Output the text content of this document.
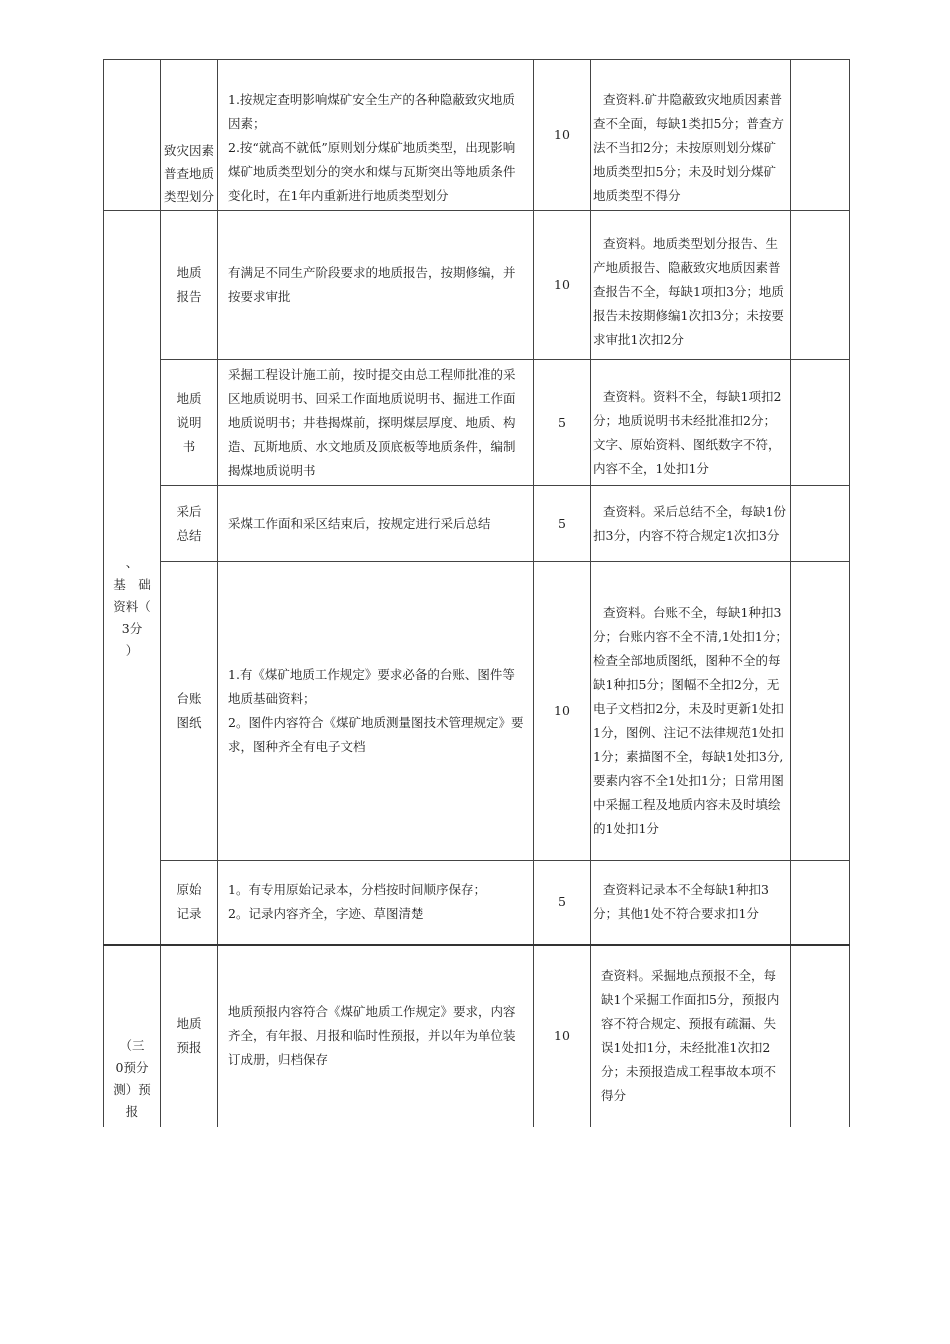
	致灾因素普查地质类型划分	1.按规定查明影响煤矿安全生产的各种隐蔽致灾地质因素；
2.按“就高不就低”原则划分煤矿地质类型，出现影响煤矿地质类型划分的突水和煤与瓦斯突出等地质条件变化时，在1年内重新进行地质类型划分	10	查资料.矿井隐蔽致灾地质因素普查不全面，每缺1类扣5分；普查方法不当扣2分；未按原则划分煤矿地质类型扣5分；未及时划分煤矿地质类型不得分	

、
基　础
资料（
3分
）	地质报告	有满足不同生产阶段要求的地质报告，按期修编，并按要求审批	10	查资料。地质类型划分报告、生产地质报告、隐蔽致灾地质因素普查报告不全，每缺1项扣3分；地质报告未按期修编1次扣3分；未按要求审批1次扣2分	

	地质说明书	采掘工程设计施工前，按时提交由总工程师批准的采区地质说明书、回采工作面地质说明书、掘进工作面地质说明书；井巷揭煤前，探明煤层厚度、地质、构造、瓦斯地质、水文地质及顶底板等地质条件，编制揭煤地质说明书	5	查资料。资料不全，每缺1项扣2分；地质说明书未经批准扣2分；文字、原始资料、图纸数字不符，内容不全，1处扣1分	

	采后总结	采煤工作面和采区结束后，按规定进行采后总结	5	查资料。采后总结不全，每缺1份扣3分，内容不符合规定1次扣3分	

	台账图纸	1.有《煤矿地质工作规定》要求必备的台账、图件等地质基础资料；
2。图件内容符合《煤矿地质测量图技术管理规定》要求，图种齐全有电子文档	10	查资料。台账不全，每缺1种扣3分；台账内容不全不清,1处扣1分；检查全部地质图纸，图种不全的每缺1种扣5分；图幅不全扣2分，无电子文档扣2分，未及时更新1处扣1分，图例、注记不法律规范1处扣1分；素描图不全，每缺1处扣3分,要素内容不全1处扣1分；日常用图中采掘工程及地质内容未及时填绘的1处扣1分	

	原始记录	1。有专用原始记录本，分档按时间顺序保存；
2。记录内容齐全，字迹、草图清楚	5	查资料记录本不全每缺1种扣3分；其他1处不符合要求扣1分	

（三
0预分
测）预
报	地质预报	地质预报内容符合《煤矿地质工作规定》要求，内容齐全，有年报、月报和临时性预报，并以年为单位装订成册，归档保存	10	查资料。采掘地点预报不全，每缺1个采掘工作面扣5分，预报内容不符合规定、预报有疏漏、失误1处扣1分，未经批准1次扣2分；未预报造成工程事故本项不得分	
